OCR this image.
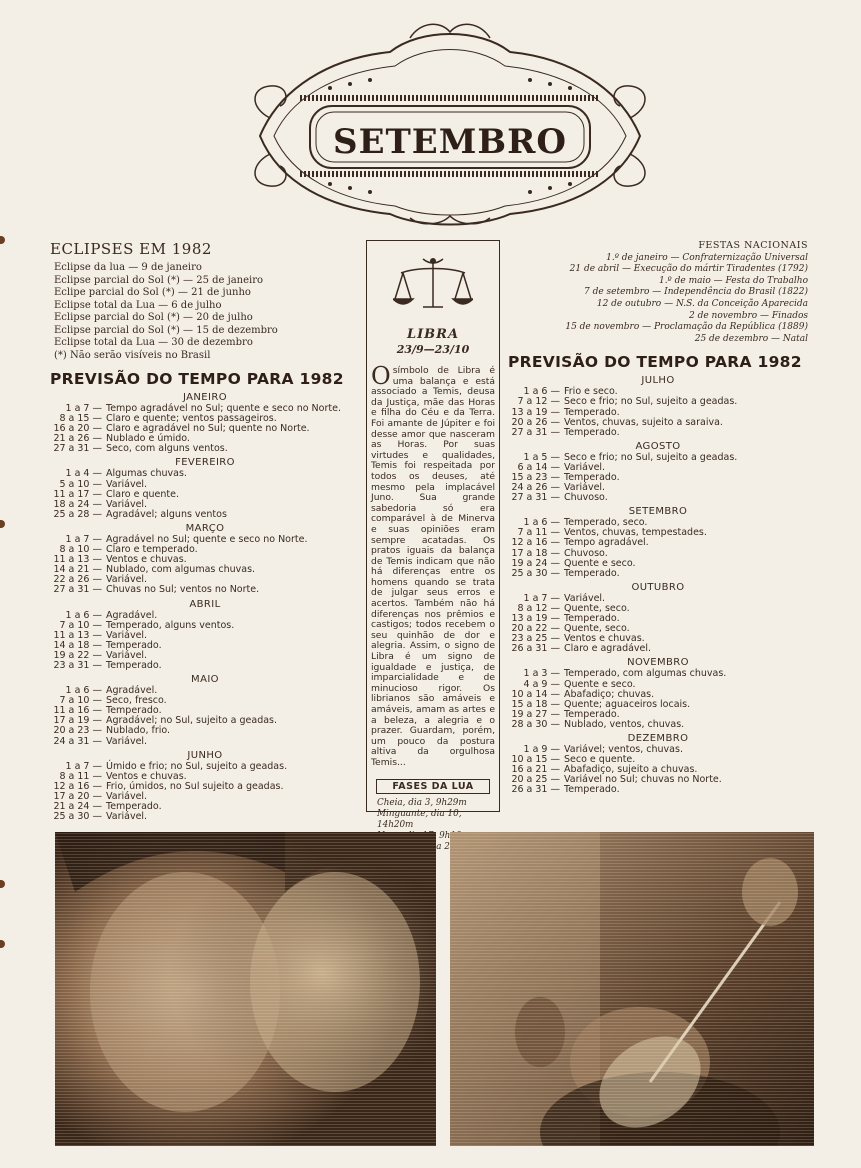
SETEMBRO
ECLIPSES EM 1982
Eclipse da lua — 9 de janeiro
Eclipse parcial do Sol (*) — 25 de janeiro
Eclipe parcial do Sol (*) — 21 de junho
Eclipse total da Lua — 6 de julho
Eclipse parcial do Sol (*) — 20 de julho
Eclipse parcial do Sol (*) — 15 de dezembro
Eclipse total da Lua — 30 de dezembro
(*) Não serão visíveis no Brasil
PREVISÃO DO TEMPO PARA 1982
JANEIRO
1 a 7 — Tempo agradável no Sul; quente e seco no Norte.
8 a 15 — Claro e quente; ventos passageiros.
16 a 20 — Claro e agradável no Sul; quente no Norte.
21 a 26 — Nublado e úmido.
27 a 31 — Seco, com alguns ventos.
FEVEREIRO
1 a 4 — Algumas chuvas.
5 a 10 — Variável.
11 a 17 — Claro e quente.
18 a 24 — Variável.
25 a 28 — Agradável; alguns ventos
MARÇO
1 a 7 — Agradável no Sul; quente e seco no Norte.
8 a 10 — Claro e temperado.
11 a 13 — Ventos e chuvas.
14 a 21 — Nublado, com algumas chuvas.
22 a 26 — Variável.
27 a 31 — Chuvas no Sul; ventos no Norte.
ABRIL
1 a 6 — Agradável.
7 a 10 — Temperado, alguns ventos.
11 a 13 — Variável.
14 a 18 — Temperado.
19 a 22 — Variável.
23 a 31 — Temperado.
MAIO
1 a 6 — Agradável.
7 a 10 — Seco, fresco.
11 a 16 — Temperado.
17 a 19 — Agradável; no Sul, sujeito a geadas.
20 a 23 — Nublado, frio.
24 a 31 — Variável.
JUNHO
1 a 7 — Úmido e frio; no Sul, sujeito a geadas.
8 a 11 — Ventos e chuvas.
12 a 16 — Frio, úmidos, no Sul sujeito a geadas.
17 a 20 — Variável.
21 a 24 — Temperado.
25 a 30 — Variável.
LIBRA
23/9—23/10
Osímbolo de Libra é uma balança e está associado a Temis, deusa da Justiça, mãe das Horas e filha do Céu e da Terra. Foi amante de Júpiter e foi desse amor que nasceram as Horas. Por suas virtudes e qualidades, Temis foi respeitada por todos os deuses, até mesmo pela implacável Juno. Sua grande sabedoria só era comparável à de Minerva e suas opiniões eram sempre acatadas. Os pratos iguais da balança de Temis indicam que não há diferenças entre os homens quando se trata de julgar seus erros e acertos. Também não há diferenças nos prêmios e castigos; todos recebem o seu quinhão de dor e alegria. Assim, o signo de Libra é um signo de igualdade e justiça, de imparcialidade e de minucioso rigor. Os librianos são amáveis e amáveis, amam as artes e a beleza, a alegria e o prazer. Guardam, porém, um pouco da postura altiva da orgulhosa Temis...
FASES DA LUA
Cheia, dia 3, 9h29m
Minguante, dia 10, 14h20m
FESTAS NACIONAIS
1.º de janeiro — Confraternização Universal
21 de abril — Execução do mártir Tiradentes (1792)
1.º de maio — Festa do Trabalho
7 de setembro — Independência do Brasil (1822)
12 de outubro — N.S. da Conceição Aparecida
2 de novembro — Finados
15 de novembro — Proclamação da República (1889)
25 de dezembro — Natal
PREVISÃO DO TEMPO PARA 1982
JULHO
1 a 6 — Frio e seco.
7 a 12 — Seco e frio; no Sul, sujeito a geadas.
13 a 19 — Temperado.
20 a 26 — Ventos, chuvas, sujeito a saraiva.
27 a 31 — Temperado.
AGOSTO
1 a 5 — Seco e frio; no Sul, sujeito a geadas.
6 a 14 — Variável.
15 a 23 — Temperado.
24 a 26 — Variável.
27 a 31 — Chuvoso.
SETEMBRO
1 a 6 — Temperado, seco.
7 a 11 — Ventos, chuvas, tempestades.
12 a 16 — Tempo agradável.
17 a 18 — Chuvoso.
19 a 24 — Quente e seco.
25 a 30 — Temperado.
OUTUBRO
1 a 7 — Variável.
8 a 12 — Quente, seco.
13 a 19 — Temperado.
20 a 22 — Quente, seco.
23 a 25 — Ventos e chuvas.
26 a 31 — Claro e agradável.
NOVEMBRO
1 a 3 — Temperado, com algumas chuvas.
4 a 9 — Quente e seco.
10 a 14 — Abafadiço; chuvas.
15 a 18 — Quente; aguaceiros locais.
19 a 27 — Temperado.
28 a 30 — Nublado, ventos, chuvas.
DEZEMBRO
1 a 9 — Variável; ventos, chuvas.
10 a 15 — Seco e quente.
16 a 21 — Abafadiço, sujeito a chuvas.
20 a 25 — Variável no Sul; chuvas no Norte.
26 a 31 — Temperado.
